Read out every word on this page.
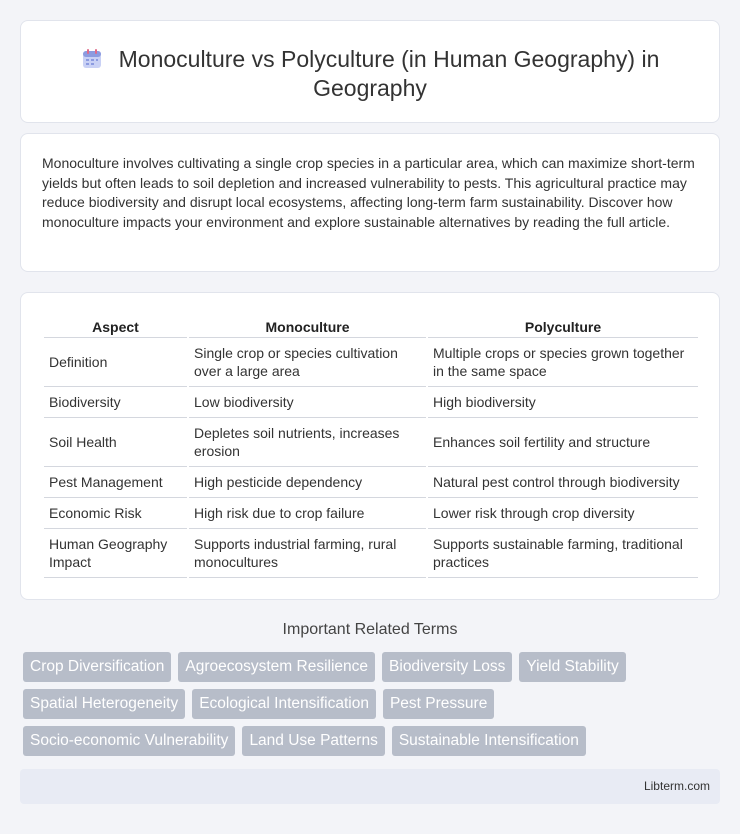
Monoculture vs Polyculture (in Human Geography) in
Geography

Monoculture involves cultivating a single crop species in a particular area, which can maximize short-term yields but often leads to soil depletion and increased vulnerability to pests. This agricultural practice may reduce biodiversity and disrupt local ecosystems, affecting long-term farm sustainability. Discover how monoculture impacts your environment and explore sustainable alternatives by reading the full article.

Aspect	Monoculture	Polyculture
Definition	Single crop or species cultivation over a large area	Multiple crops or species grown together in the same space
Biodiversity	Low biodiversity	High biodiversity
Soil Health	Depletes soil nutrients, increases erosion	Enhances soil fertility and structure
Pest Management	High pesticide dependency	Natural pest control through biodiversity
Economic Risk	High risk due to crop failure	Lower risk through crop diversity
Human Geography Impact	Supports industrial farming, rural monocultures	Supports sustainable farming, traditional practices
Important Related Terms
Crop Diversification	Agroecosystem Resilience	Biodiversity Loss	Yield Stability
Spatial Heterogeneity	Ecological Intensification	Pest Pressure
Socio-economic Vulnerability	Land Use Patterns	Sustainable Intensification
Libterm.com
